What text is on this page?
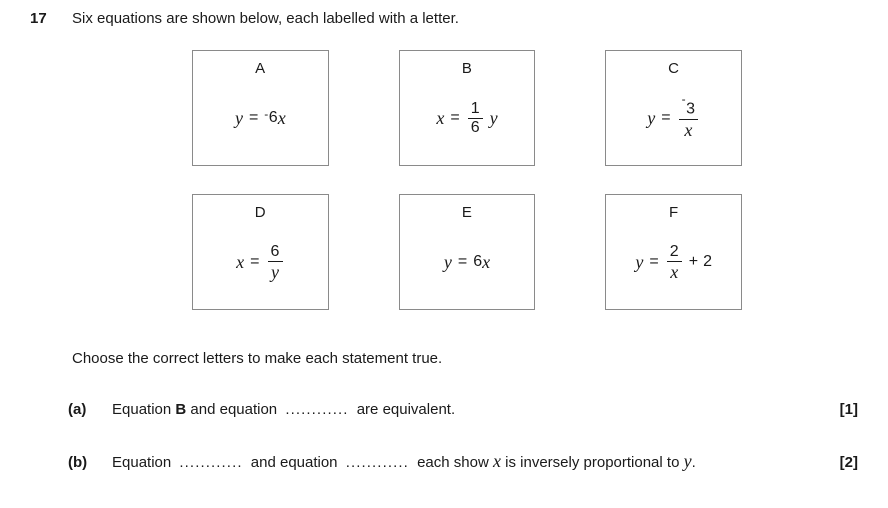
17	Six equations are shown below, each labelled with a letter.
A
y = - 6 x
B
$x = \frac{1}{6}$ y
C
$y = \frac{^-3}{x}$
D
$x = \frac{6}{y}$
E
y = 6 x
F
$y = \frac{2}{x} + 2$
Choose the correct letters to make each statement true.
(a)	Equation B and equation ............ are equivalent.	[1]
(b)	Equation ............ and equation ............ each show x is inversely proportional to y.	[2]
